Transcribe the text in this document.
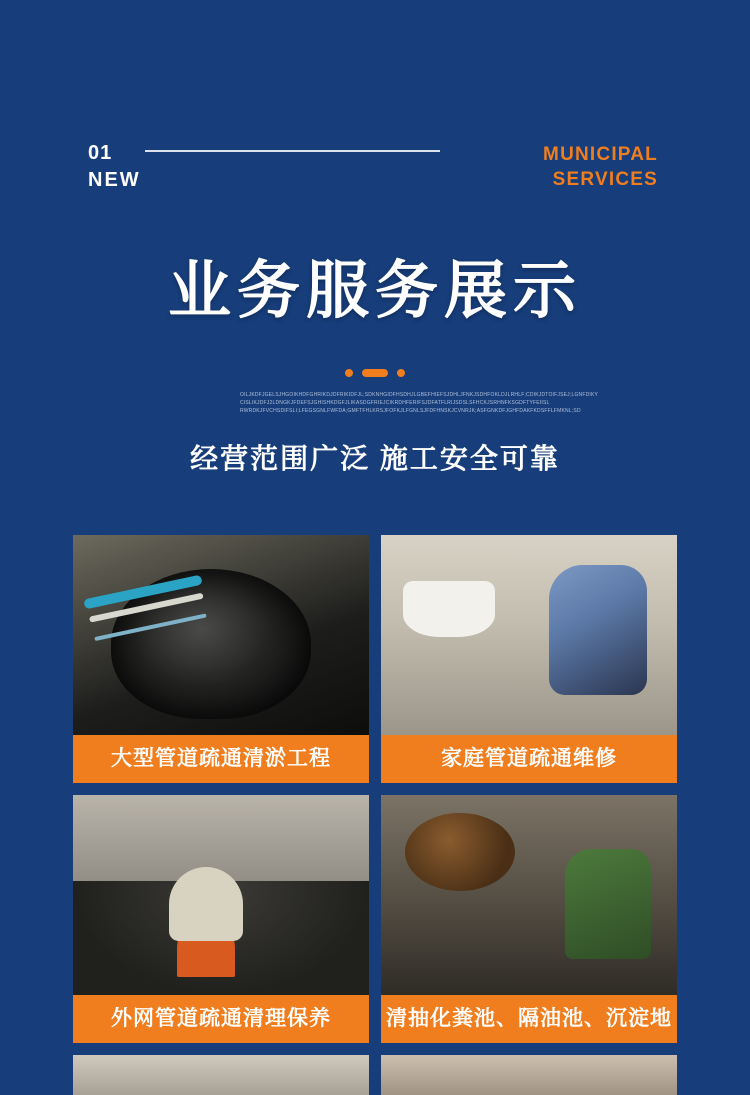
01
NEW
MUNICIPAL
SERVICES
业务服务展示
OILJKDFJGELSJHGOIKHDFGHRIKDJDFRIKIDFJL;SDKNHGIDFHSDHJLGBEFHIEFSJDHLJFNKJSDHFOKLDJLRHLF;CDIKJDTOIFJSEJ;LGNFDIKY
CISLIKJDFJ2LDNGKJFDEFSJGHISHKDGFJLIKASDGFRIEJCIKRDHFERIFSJDFATFLRIJSDSLSFHCKJSRHNFKSGDFTYFEIISL
RWRDKJFVCHSDIFSLI;LFEGSGNLFWFDA;GMFTFHLKRSJFOFKJLFGNLSJFDFHNSKJCVNRJK;ASFGNKDFJGHFDAKFKDSFFLFMKNL;SD
经营范围广泛 施工安全可靠
大型管道疏通清淤工程	家庭管道疏通维修
外网管道疏通清理保养	清抽化粪池、隔油池、沉淀地
